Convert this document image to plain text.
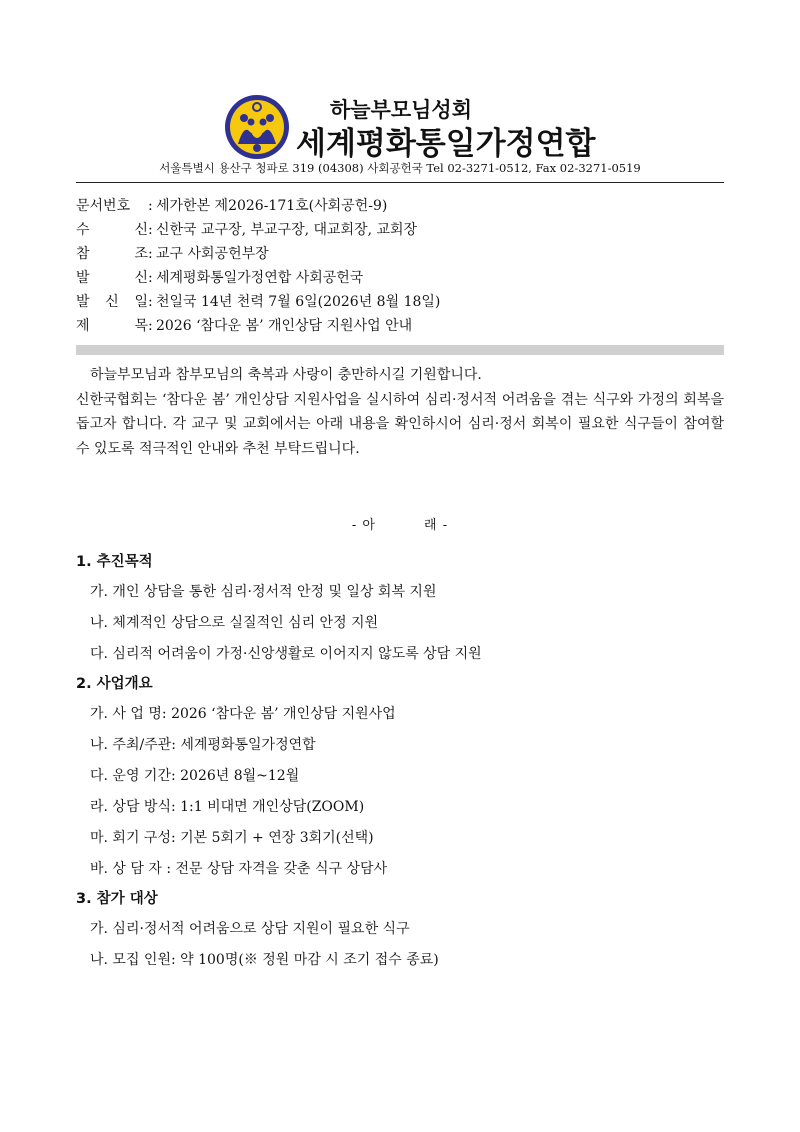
하늘부모님성회
세계평화통일가정연합
서울특별시 용산구 청파로 319 (04308) 사회공헌국 Tel 02-3271-0512, Fax 02-3271-0519
문서번호 : 세가한본 제2026-171호(사회공헌-9)
수	신 : 신한국 교구장, 부교구장, 대교회장, 교회장
참	조 : 교구 사회공헌부장
발	신 : 세계평화통일가정연합 사회공헌국
발 신 일 : 천일국 14년 천력 7월 6일(2026년 8월 18일)
제	목 : 2026 ‘참다운 봄’ 개인상담 지원사업 안내

하늘부모님과 참부모님의 축복과 사랑이 충만하시길 기원합니다.

신한국협회는 ‘참다운 봄’ 개인상담 지원사업을 실시하여 심리·정서적 어려움을 겪는 식구와 가정의 회복을 돕고자 합니다. 각 교구 및 교회에서는 아래 내용을 확인하시어 심리·정서 회복이 필요한 식구들이 참여할 수 있도록 적극적인 안내와 추천 부탁드립니다.

- 아	래 -
1. 추진목적
가. 개인 상담을 통한 심리·정서적 안정 및 일상 회복 지원
나. 체계적인 상담으로 실질적인 심리 안정 지원
다. 심리적 어려움이 가정·신앙생활로 이어지지 않도록 상담 지원
2. 사업개요
가. 사 업 명: 2026 ‘참다운 봄’ 개인상담 지원사업
나. 주최/주관: 세계평화통일가정연합
다. 운영 기간: 2026년 8월~12월
라. 상담 방식: 1:1 비대면 개인상담(ZOOM)
마. 회기 구성: 기본 5회기 + 연장 3회기(선택)
바. 상 담 자 : 전문 상담 자격을 갖춘 식구 상담사
3. 참가 대상
가. 심리·정서적 어려움으로 상담 지원이 필요한 식구
나. 모집 인원: 약 100명(※ 정원 마감 시 조기 접수 종료)
